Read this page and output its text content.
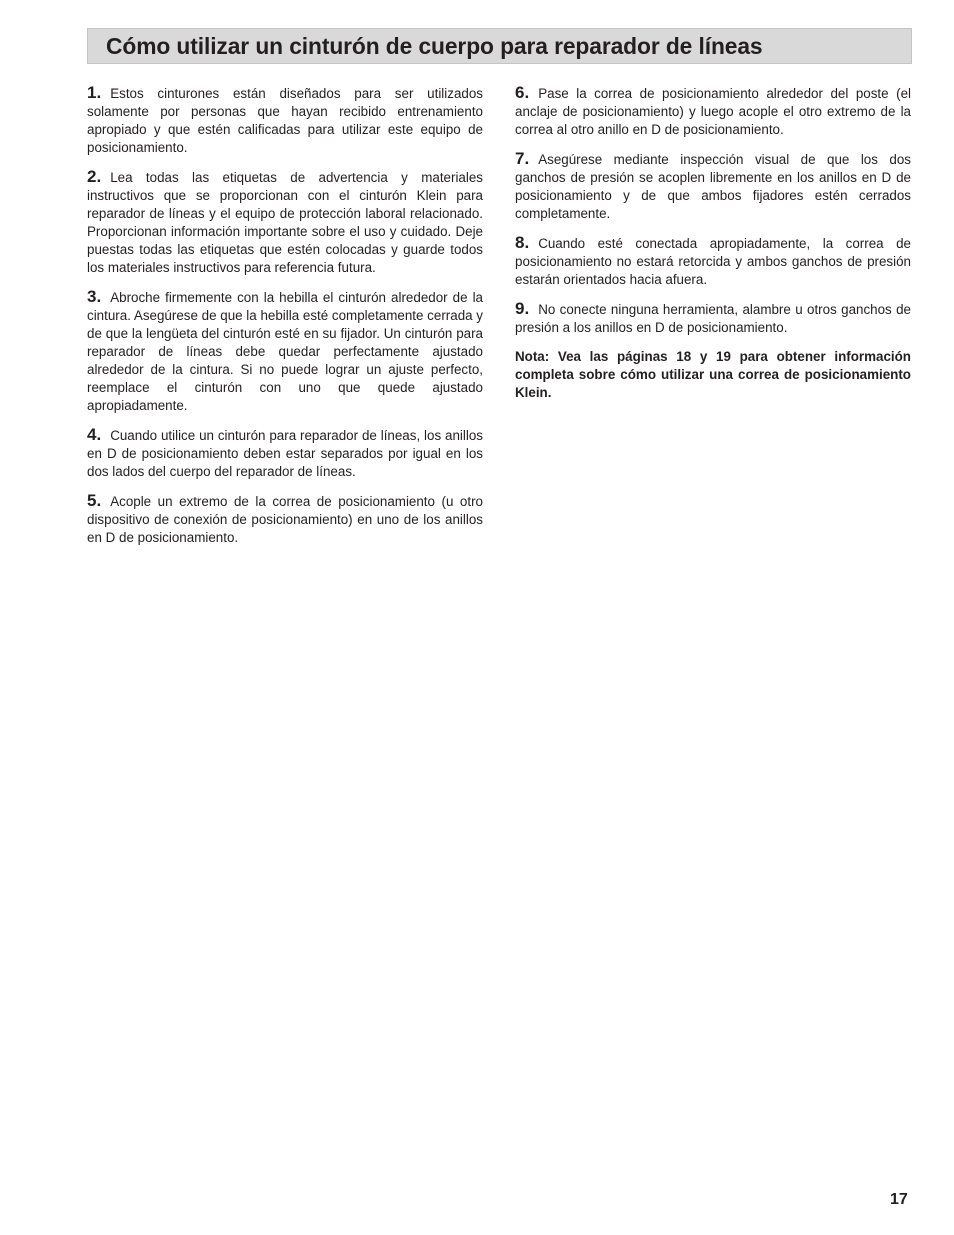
Cómo utilizar un cinturón de cuerpo para reparador de líneas

1. Estos cinturones están diseñados para ser utilizados solamente por personas que hayan recibido entrenamiento apropiado y que estén calificadas para utilizar este equipo de posicionamiento.

2. Lea todas las etiquetas de advertencia y materiales instructivos que se proporcionan con el cinturón Klein para reparador de líneas y el equipo de protección laboral relacionado. Proporcionan información importante sobre el uso y cuidado. Deje puestas todas las etiquetas que estén colocadas y guarde todos los materiales instructivos para referencia futura.

3. Abroche firmemente con la hebilla el cinturón alrededor de la cintura. Asegúrese de que la hebilla esté completamente cerrada y de que la lengüeta del cinturón esté en su fijador. Un cinturón para reparador de líneas debe quedar perfectamente ajustado alrededor de la cintura. Si no puede lograr un ajuste perfecto, reemplace el cinturón con uno que quede ajustado apropiadamente.

4. Cuando utilice un cinturón para reparador de líneas, los anillos en D de posicionamiento deben estar separados por igual en los dos lados del cuerpo del reparador de líneas.

5. Acople un extremo de la correa de posicionamiento (u otro dispositivo de conexión de posicionamiento) en uno de los anillos en D de posicionamiento.

6. Pase la correa de posicionamiento alrededor del poste (el anclaje de posicionamiento) y luego acople el otro extremo de la correa al otro anillo en D de posicionamiento.

7. Asegúrese mediante inspección visual de que los dos ganchos de presión se acoplen libremente en los anillos en D de posicionamiento y de que ambos fijadores estén cerrados completamente.

8. Cuando esté conectada apropiadamente, la correa de posicionamiento no estará retorcida y ambos ganchos de presión estarán orientados hacia afuera.

9. No conecte ninguna herramienta, alambre u otros ganchos de presión a los anillos en D de posicionamiento.

Nota: Vea las páginas 18 y 19 para obtener información completa sobre cómo utilizar una correa de posicionamiento Klein.

17
